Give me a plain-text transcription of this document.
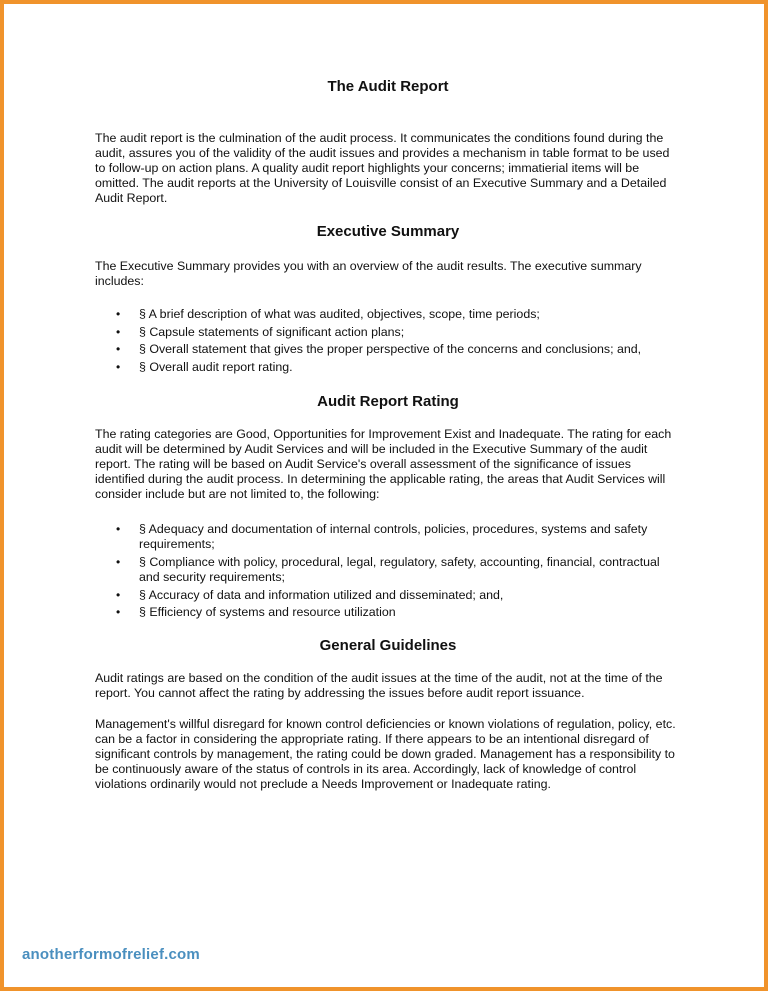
The Audit Report

The audit report is the culmination of the audit process. It communicates the conditions found during the audit, assures you of the validity of the audit issues and provides a mechanism in table format to be used to follow-up on action plans. A quality audit report highlights your concerns; immatierial items will be omitted. The audit reports at the University of Louisville consist of an Executive Summary and a Detailed Audit Report.

Executive Summary

The Executive Summary provides you with an overview of the audit results. The executive summary includes:

• § A brief description of what was audited, objectives, scope, time periods;
• § Capsule statements of significant action plans;
• § Overall statement that gives the proper perspective of the concerns and conclusions; and,
• § Overall audit report rating.
Audit Report Rating

The rating categories are Good, Opportunities for Improvement Exist and Inadequate. The rating for each audit will be determined by Audit Services and will be included in the Executive Summary of the audit report. The rating will be based on Audit Service's overall assessment of the significance of issues identified during the audit process. In determining the applicable rating, the areas that Audit Services will consider include but are not limited to, the following:

• § Adequacy and documentation of internal controls, policies, procedures, systems and safety requirements;
• § Compliance with policy, procedural, legal, regulatory, safety, accounting, financial, contractual and security requirements;
• § Accuracy of data and information utilized and disseminated; and,
• § Efficiency of systems and resource utilization
General Guidelines

Audit ratings are based on the condition of the audit issues at the time of the audit, not at the time of the report. You cannot affect the rating by addressing the issues before audit report issuance.

Management's willful disregard for known control deficiencies or known violations of regulation, policy, etc. can be a factor in considering the appropriate rating. If there appears to be an intentional disregard of significant controls by management, the rating could be down graded. Management has a responsibility to be continuously aware of the status of controls in its area. Accordingly, lack of knowledge of control violations ordinarily would not preclude a Needs Improvement or Inadequate rating.

anotherformofrelief.com
